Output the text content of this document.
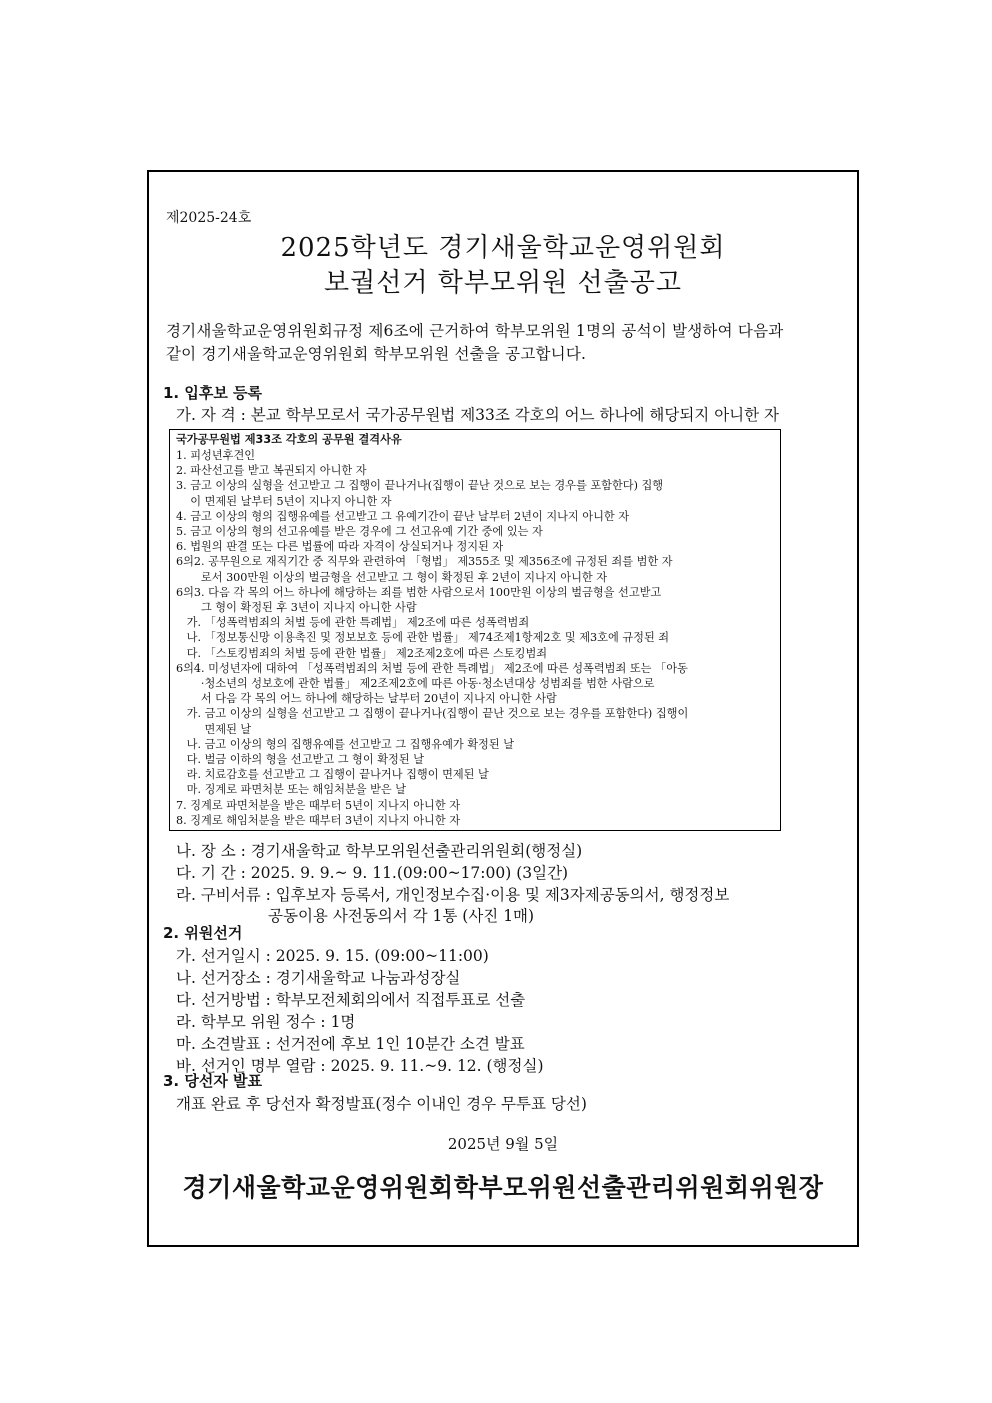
제2025-24호
2025학년도 경기새울학교운영위원회
보궐선거 학부모위원 선출공고
경기새울학교운영위원회규정 제6조에 근거하여 학부모위원 1명의 공석이 발생하여 다음과
같이 경기새울학교운영위원회 학부모위원 선출을 공고합니다.
1. 입후보 등록
가. 자 격 : 본교 학부모로서 국가공무원법 제33조 각호의 어느 하나에 해당되지 아니한 자
국가공무원법 제33조 각호의 공무원 결격사유
1. 피성년후견인
2. 파산선고를 받고 복권되지 아니한 자
3. 금고 이상의 실형을 선고받고 그 집행이 끝나거나(집행이 끝난 것으로 보는 경우를 포함한다) 집행
이 면제된 날부터 5년이 지나지 아니한 자
4. 금고 이상의 형의 집행유예를 선고받고 그 유예기간이 끝난 날부터 2년이 지나지 아니한 자
5. 금고 이상의 형의 선고유예를 받은 경우에 그 선고유예 기간 중에 있는 자
6. 법원의 판결 또는 다른 법률에 따라 자격이 상실되거나 정지된 자
6의2. 공무원으로 재직기간 중 직무와 관련하여 「형법」 제355조 및 제356조에 규정된 죄를 범한 자
로서 300만원 이상의 벌금형을 선고받고 그 형이 확정된 후 2년이 지나지 아니한 자
6의3. 다음 각 목의 어느 하나에 해당하는 죄를 범한 사람으로서 100만원 이상의 벌금형을 선고받고
그 형이 확정된 후 3년이 지나지 아니한 사람
가. 「성폭력범죄의 처벌 등에 관한 특례법」 제2조에 따른 성폭력범죄
나. 「정보통신망 이용촉진 및 정보보호 등에 관한 법률」 제74조제1항제2호 및 제3호에 규정된 죄
다. 「스토킹범죄의 처벌 등에 관한 법률」 제2조제2호에 따른 스토킹범죄
6의4. 미성년자에 대하여 「성폭력범죄의 처벌 등에 관한 특례법」 제2조에 따른 성폭력범죄 또는 「아동
·청소년의 성보호에 관한 법률」 제2조제2호에 따른 아동·청소년대상 성범죄를 범한 사람으로
서 다음 각 목의 어느 하나에 해당하는 날부터 20년이 지나지 아니한 사람
가. 금고 이상의 실형을 선고받고 그 집행이 끝나거나(집행이 끝난 것으로 보는 경우를 포함한다) 집행이
면제된 날
나. 금고 이상의 형의 집행유예를 선고받고 그 집행유예가 확정된 날
다. 벌금 이하의 형을 선고받고 그 형이 확정된 날
라. 치료감호를 선고받고 그 집행이 끝나거나 집행이 면제된 날
마. 징계로 파면처분 또는 해임처분을 받은 날
7. 징계로 파면처분을 받은 때부터 5년이 지나지 아니한 자
8. 징계로 해임처분을 받은 때부터 3년이 지나지 아니한 자
나. 장 소 : 경기새울학교 학부모위원선출관리위원회(행정실)
다. 기 간 : 2025. 9. 9.~ 9. 11.(09:00~17:00) (3일간)
라. 구비서류 : 입후보자 등록서, 개인정보수집·이용 및 제3자제공동의서, 행정정보
공동이용 사전동의서 각 1통 (사진 1매)
2. 위원선거
가. 선거일시 : 2025. 9. 15. (09:00~11:00)
나. 선거장소 : 경기새울학교 나눔과성장실
다. 선거방법 : 학부모전체회의에서 직접투표로 선출
라. 학부모 위원 정수 : 1명
마. 소견발표 : 선거전에 후보 1인 10분간 소견 발표
바. 선거인 명부 열람 : 2025. 9. 11.~9. 12. (행정실)
3. 당선자 발표
개표 완료 후 당선자 확정발표(정수 이내인 경우 무투표 당선)
2025년 9월 5일
경기새울학교운영위원회학부모위원선출관리위원회위원장
